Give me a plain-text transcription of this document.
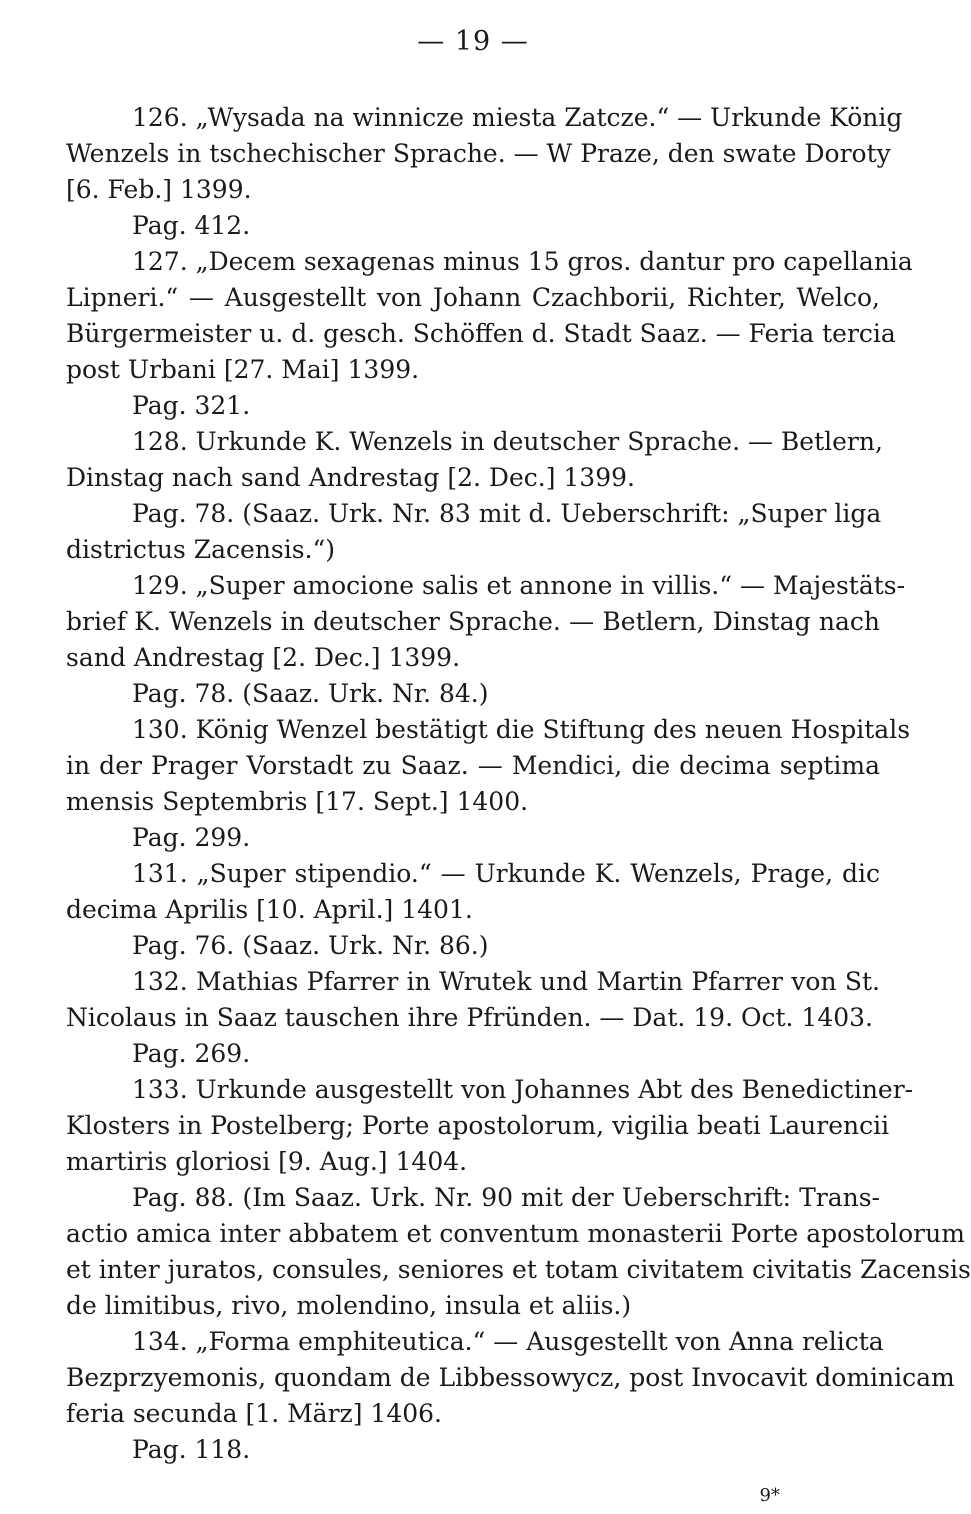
— 19 —
126. „Wysada na winnicze miesta Zatcze.“ — Urkunde König
Wenzels in tschechischer Sprache. — W Praze, den swate Doroty
[6. Feb.] 1399.
Pag. 412.
127. „Decem sexagenas minus 15 gros. dantur pro capellania
Lipneri.“ — Ausgestellt von Johann Czachborii, Richter, Welco,
Bürgermeister u. d. gesch. Schöffen d. Stadt Saaz. — Feria tercia
post Urbani [27. Mai] 1399.
Pag. 321.
128. Urkunde K. Wenzels in deutscher Sprache. — Betlern,
Dinstag nach sand Andrestag [2. Dec.] 1399.
Pag. 78. (Saaz. Urk. Nr. 83 mit d. Ueberschrift: „Super liga
districtus Zacensis.“)
129. „Super amocione salis et annone in villis.“ — Majestäts-
brief K. Wenzels in deutscher Sprache. — Betlern, Dinstag nach
sand Andrestag [2. Dec.] 1399.
Pag. 78. (Saaz. Urk. Nr. 84.)
130. König Wenzel bestätigt die Stiftung des neuen Hospitals
in der Prager Vorstadt zu Saaz. — Mendici, die decima septima
mensis Septembris [17. Sept.] 1400.
Pag. 299.
131. „Super stipendio.“ — Urkunde K. Wenzels, Prage, dic
decima Aprilis [10. April.] 1401.
Pag. 76. (Saaz. Urk. Nr. 86.)
132. Mathias Pfarrer in Wrutek und Martin Pfarrer von St.
Nicolaus in Saaz tauschen ihre Pfründen. — Dat. 19. Oct. 1403.
Pag. 269.
133. Urkunde ausgestellt von Johannes Abt des Benedictiner-
Klosters in Postelberg; Porte apostolorum, vigilia beati Laurencii
martiris gloriosi [9. Aug.] 1404.
Pag. 88. (Im Saaz. Urk. Nr. 90 mit der Ueberschrift: Trans-
actio amica inter abbatem et conventum monasterii Porte apostolorum
et inter juratos, consules, seniores et totam civitatem civitatis Zacensis
de limitibus, rivo, molendino, insula et aliis.)
134. „Forma emphiteutica.“ — Ausgestellt von Anna relicta
Bezprzyemonis, quondam de Libbessowycz, post Invocavit dominicam
feria secunda [1. März] 1406.
Pag. 118.
9*
